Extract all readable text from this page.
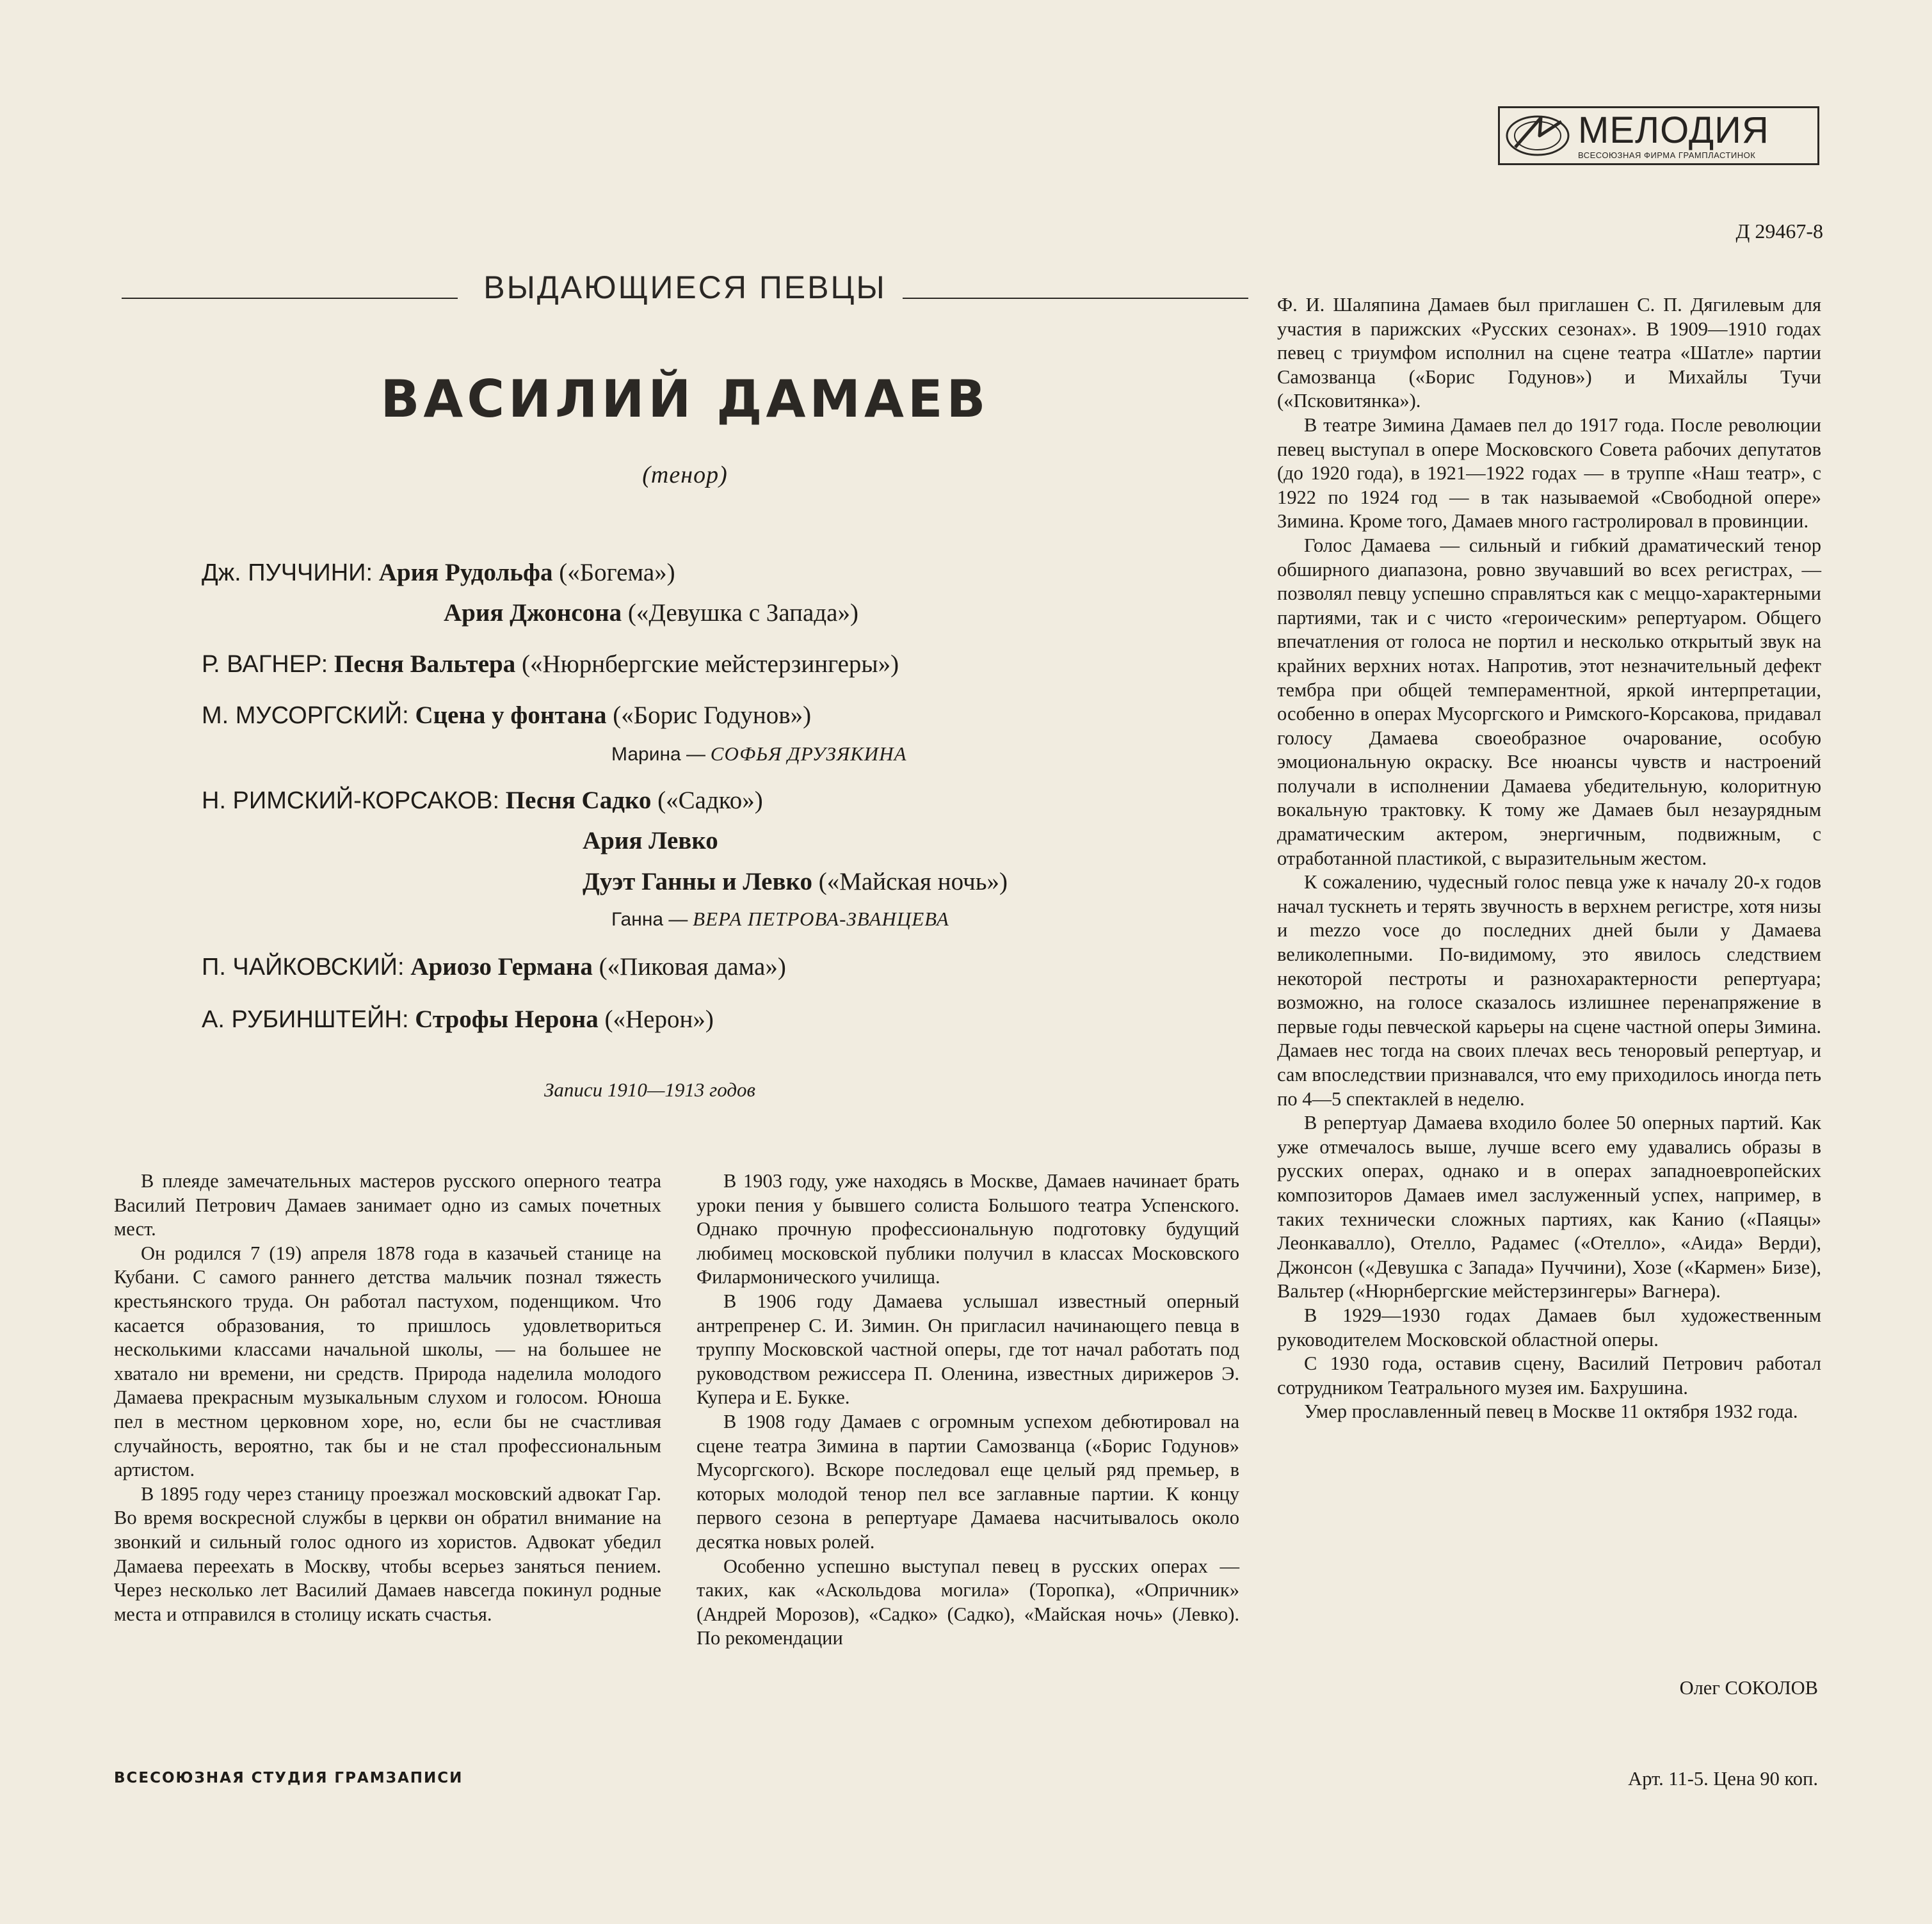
МЕЛОДИЯ
ВСЕСОЮЗНАЯ ФИРМА ГРАМПЛАСТИНОК
Д 29467-8
ВЫДАЮЩИЕСЯ ПЕВЦЫ
ВАСИЛИЙ ДАМАЕВ
(тенор)
Дж. ПУЧЧИНИ: Ария Рудольфа («Богема»)
Ария Джонсона («Девушка с Запада»)
Р. ВАГНЕР: Песня Вальтера («Нюрнбергские мейстерзингеры»)
М. МУСОРГСКИЙ: Сцена у фонтана («Борис Годунов»)
Марина — СОФЬЯ ДРУЗЯКИНА
Н. РИМСКИЙ-КОРСАКОВ: Песня Садко («Садко»)
Ария Левко
Дуэт Ганны и Левко («Майская ночь»)
Ганна — ВЕРА ПЕТРОВА-ЗВАНЦЕВА
П. ЧАЙКОВСКИЙ: Ариозо Германа («Пиковая дама»)
А. РУБИНШТЕЙН: Строфы Нерона («Нерон»)
Записи 1910—1913 годов

В плеяде замечательных мастеров русского оперного театра Василий Петрович Дамаев занимает одно из самых почетных мест.

Он родился 7 (19) апреля 1878 года в казачьей станице на Кубани. С самого раннего детства мальчик познал тяжесть крестьянского труда. Он работал пастухом, поденщиком. Что касается образования, то пришлось удовлетвориться несколькими классами начальной школы, — на большее не хватало ни времени, ни средств. Природа наделила молодого Дамаева прекрасным музыкальным слухом и голосом. Юноша пел в местном церковном хоре, но, если бы не счастливая случайность, вероятно, так бы и не стал профессиональным артистом.

В 1895 году через станицу проезжал московский адвокат Гар. Во время воскресной службы в церкви он обратил внимание на звонкий и сильный голос одного из хористов. Адвокат убедил Дамаева переехать в Москву, чтобы всерьез заняться пением. Через несколько лет Василий Дамаев навсегда покинул родные места и отправился в столицу искать счастья.

В 1903 году, уже находясь в Москве, Дамаев начинает брать уроки пения у бывшего солиста Большого театра Успенского. Однако прочную профессиональную подготовку будущий любимец московской публики получил в классах Московского Филармонического училища.

В 1906 году Дамаева услышал известный оперный антрепренер С. И. Зимин. Он пригласил начинающего певца в труппу Московской частной оперы, где тот начал работать под руководством режиссера П. Оленина, известных дирижеров Э. Купера и Е. Букке.

В 1908 году Дамаев с огромным успехом дебютировал на сцене театра Зимина в партии Самозванца («Борис Годунов» Мусоргского). Вскоре последовал еще целый ряд премьер, в которых молодой тенор пел все заглавные партии. К концу первого сезона в репертуаре Дамаева насчитывалось около десятка новых ролей.

Особенно успешно выступал певец в русских операх — таких, как «Аскольдова могила» (Торопка), «Опричник» (Андрей Морозов), «Садко» (Садко), «Майская ночь» (Левко). По рекомендации

Ф. И. Шаляпина Дамаев был приглашен С. П. Дягилевым для участия в парижских «Русских сезонах». В 1909—1910 годах певец с триумфом исполнил на сцене театра «Шатле» партии Самозванца («Борис Годунов») и Михайлы Тучи («Псковитянка»).

В театре Зимина Дамаев пел до 1917 года. После революции певец выступал в опере Московского Совета рабочих депутатов (до 1920 года), в 1921—1922 годах — в труппе «Наш театр», с 1922 по 1924 год — в так называемой «Свободной опере» Зимина. Кроме того, Дамаев много гастролировал в провинции.

Голос Дамаева — сильный и гибкий драматический тенор обширного диапазона, ровно звучавший во всех регистрах, — позволял певцу успешно справляться как с меццо-характерными партиями, так и с чисто «героическим» репертуаром. Общего впечатления от голоса не портил и несколько открытый звук на крайних верхних нотах. Напротив, этот незначительный дефект тембра при общей темпераментной, яркой интерпретации, особенно в операх Мусоргского и Римского-Корсакова, придавал голосу Дамаева своеобразное очарование, особую эмоциональную окраску. Все нюансы чувств и настроений получали в исполнении Дамаева убедительную, колоритную вокальную трактовку. К тому же Дамаев был незаурядным драматическим актером, энергичным, подвижным, с отработанной пластикой, с выразительным жестом.

К сожалению, чудесный голос певца уже к началу 20-х годов начал тускнеть и терять звучность в верхнем регистре, хотя низы и mezzo voce до последних дней были у Дамаева великолепными. По-видимому, это явилось следствием некоторой пестроты и разнохарактерности репертуара; возможно, на голосе сказалось излишнее перенапряжение в первые годы певческой карьеры на сцене частной оперы Зимина. Дамаев нес тогда на своих плечах весь теноровый репертуар, и сам впоследствии признавался, что ему приходилось иногда петь по 4—5 спектаклей в неделю.

В репертуар Дамаева входило более 50 оперных партий. Как уже отмечалось выше, лучше всего ему удавались образы в русских операх, однако и в операх западноевропейских композиторов Дамаев имел заслуженный успех, например, в таких технически сложных партиях, как Канио («Паяцы» Леонкавалло), Отелло, Радамес («Отелло», «Аида» Верди), Джонсон («Девушка с Запада» Пуччини), Хозе («Кармен» Бизе), Вальтер («Нюрнбергские мейстерзингеры» Вагнера).

В 1929—1930 годах Дамаев был художественным руководителем Московской областной оперы.

С 1930 года, оставив сцену, Василий Петрович работал сотрудником Театрального музея им. Бахрушина.

Умер прославленный певец в Москве 11 октября 1932 года.

Олег СОКОЛОВ
ВСЕСОЮЗНАЯ СТУДИЯ ГРАМЗАПИСИ	Арт. 11-5. Цена 90 коп.
